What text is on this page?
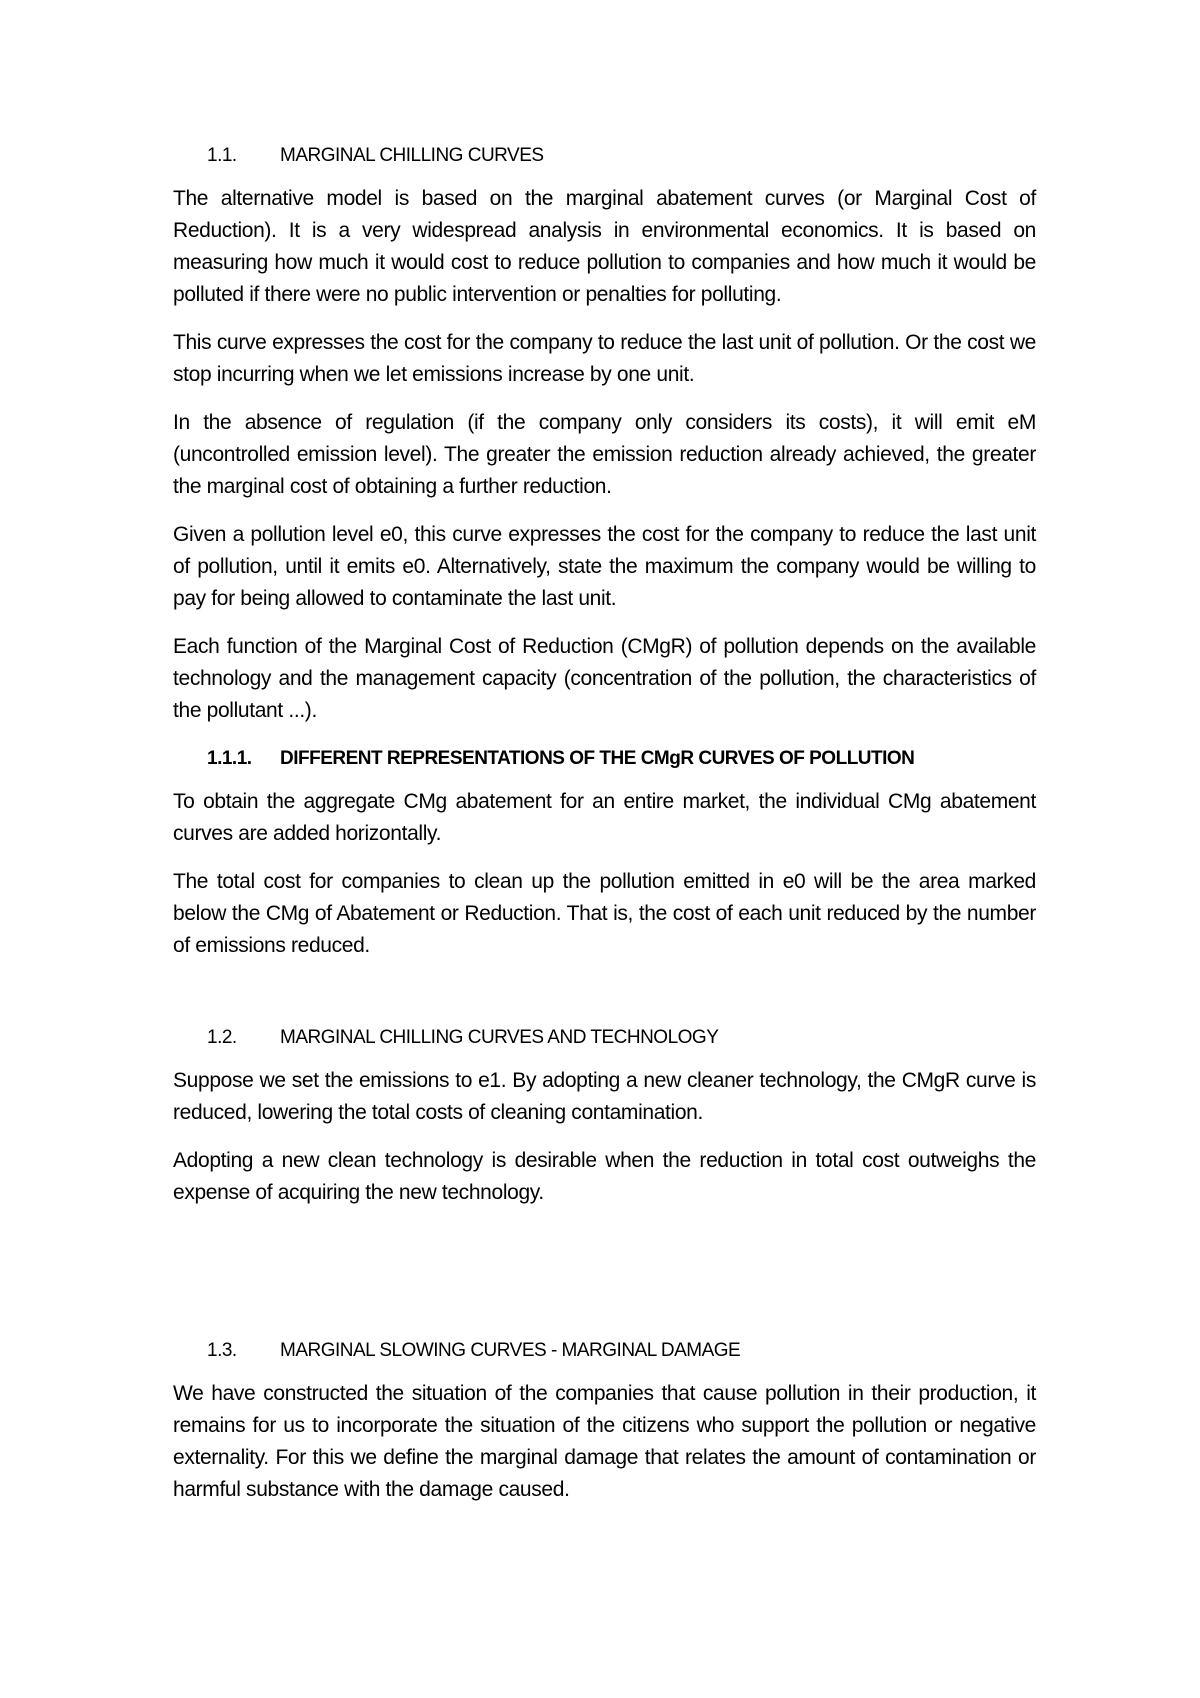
1.1.	MARGINAL CHILLING CURVES

The alternative model is based on the marginal abatement curves (or Marginal Cost of Reduction). It is a very widespread analysis in environmental economics. It is based on measuring how much it would cost to reduce pollution to companies and how much it would be polluted if there were no public intervention or penalties for polluting.

This curve expresses the cost for the company to reduce the last unit of pollution. Or the cost we stop incurring when we let emissions increase by one unit.

In the absence of regulation (if the company only considers its costs), it will emit eM (uncontrolled emission level). The greater the emission reduction already achieved, the greater the marginal cost of obtaining a further reduction.

Given a pollution level e0, this curve expresses the cost for the company to reduce the last unit of pollution, until it emits e0. Alternatively, state the maximum the company would be willing to pay for being allowed to contaminate the last unit.

Each function of the Marginal Cost of Reduction (CMgR) of pollution depends on the available technology and the management capacity (concentration of the pollution, the characteristics of the pollutant ...).

1.1.1.	DIFFERENT REPRESENTATIONS OF THE CMgR CURVES OF POLLUTION

To obtain the aggregate CMg abatement for an entire market, the individual CMg abatement curves are added horizontally.

The total cost for companies to clean up the pollution emitted in e0 will be the area marked below the CMg of Abatement or Reduction. That is, the cost of each unit reduced by the number of emissions reduced.

1.2.	MARGINAL CHILLING CURVES AND TECHNOLOGY

Suppose we set the emissions to e1. By adopting a new cleaner technology, the CMgR curve is reduced, lowering the total costs of cleaning contamination.

Adopting a new clean technology is desirable when the reduction in total cost outweighs the expense of acquiring the new technology.

1.3.	MARGINAL SLOWING CURVES - MARGINAL DAMAGE

We have constructed the situation of the companies that cause pollution in their production, it remains for us to incorporate the situation of the citizens who support the pollution or negative externality. For this we define the marginal damage that relates the amount of contamination or harmful substance with the damage caused.
